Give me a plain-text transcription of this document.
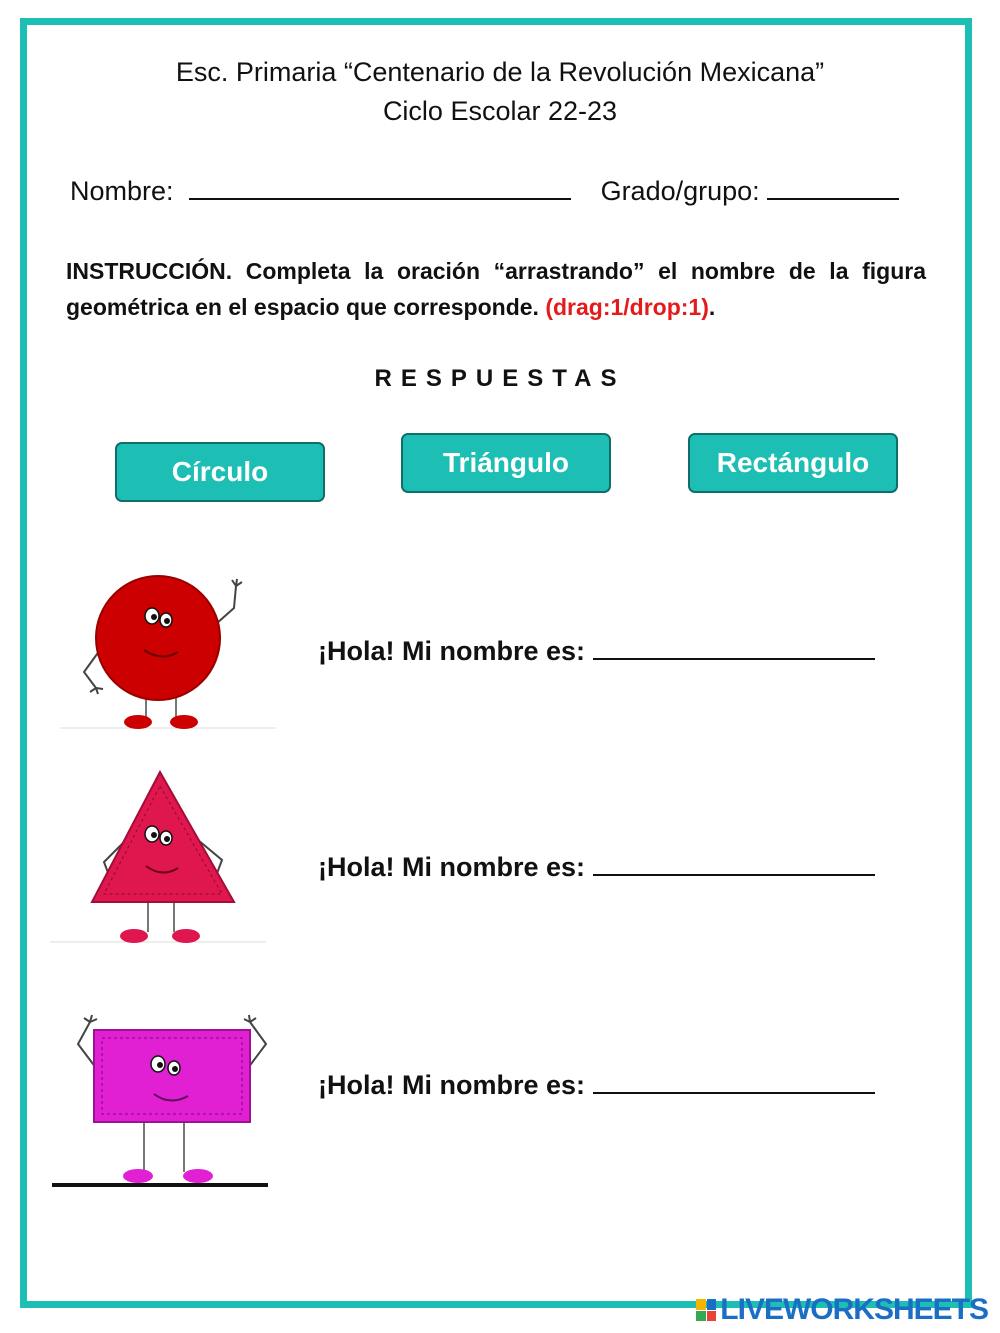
Esc. Primaria “Centenario de la Revolución Mexicana”
Ciclo Escolar 22-23
Nombre:	Grado/grupo:
INSTRUCCIÓN. Completa la oración “arrastrando” el nombre de la figura geométrica en el espacio que corresponde. (drag:1/drop:1).
RESPUESTAS
Círculo	Triángulo	Rectángulo
¡Hola! Mi nombre es:
¡Hola! Mi nombre es:
¡Hola! Mi nombre es:
LIVEWORKSHEETS
